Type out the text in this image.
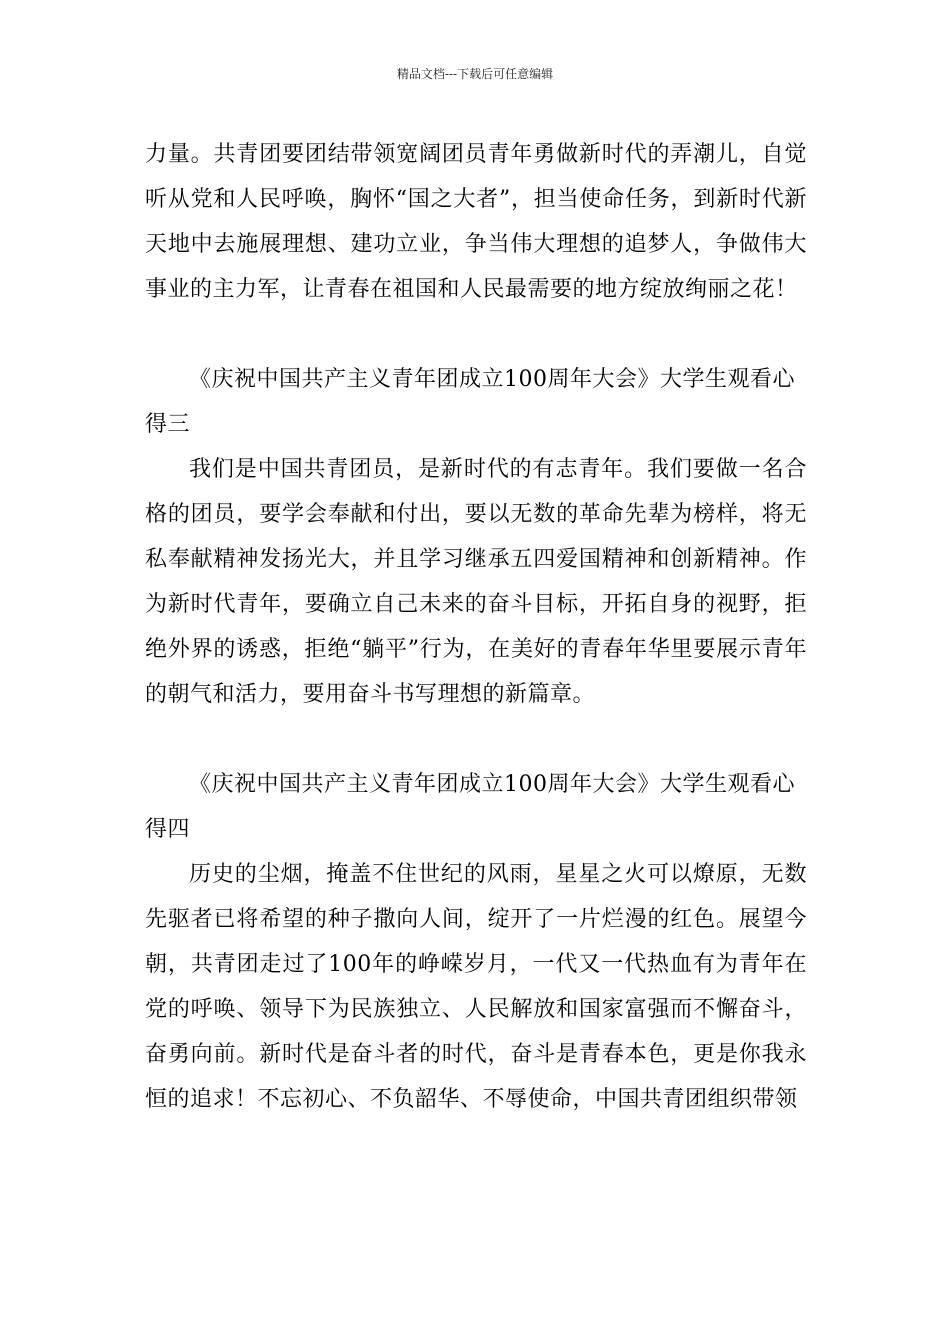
精品文档---下载后可任意编辑

力量。共青团要团结带领宽阔团员青年勇做新时代的弄潮儿，自觉听从党和人民呼唤，胸怀“国之大者”，担当使命任务，到新时代新天地中去施展理想、建功立业，争当伟大理想的追梦人，争做伟大事业的主力军，让青春在祖国和人民最需要的地方绽放绚丽之花！

《庆祝中国共产主义青年团成立100周年大会》大学生观看心得三

我们是中国共青团员，是新时代的有志青年。我们要做一名合格的团员，要学会奉献和付出，要以无数的革命先辈为榜样，将无私奉献精神发扬光大，并且学习继承五四爱国精神和创新精神。作为新时代青年，要确立自己未来的奋斗目标，开拓自身的视野，拒绝外界的诱惑，拒绝“躺平”行为，在美好的青春年华里要展示青年的朝气和活力，要用奋斗书写理想的新篇章。

《庆祝中国共产主义青年团成立100周年大会》大学生观看心得四

历史的尘烟，掩盖不住世纪的风雨，星星之火可以燎原，无数先驱者已将希望的种子撒向人间，绽开了一片烂漫的红色。展望今朝，共青团走过了100年的峥嵘岁月，一代又一代热血有为青年在党的呼唤、领导下为民族独立、人民解放和国家富强而不懈奋斗，奋勇向前。新时代是奋斗者的时代，奋斗是青春本色，更是你我永恒的追求！不忘初心、不负韶华、不辱使命，中国共青团组织带领
